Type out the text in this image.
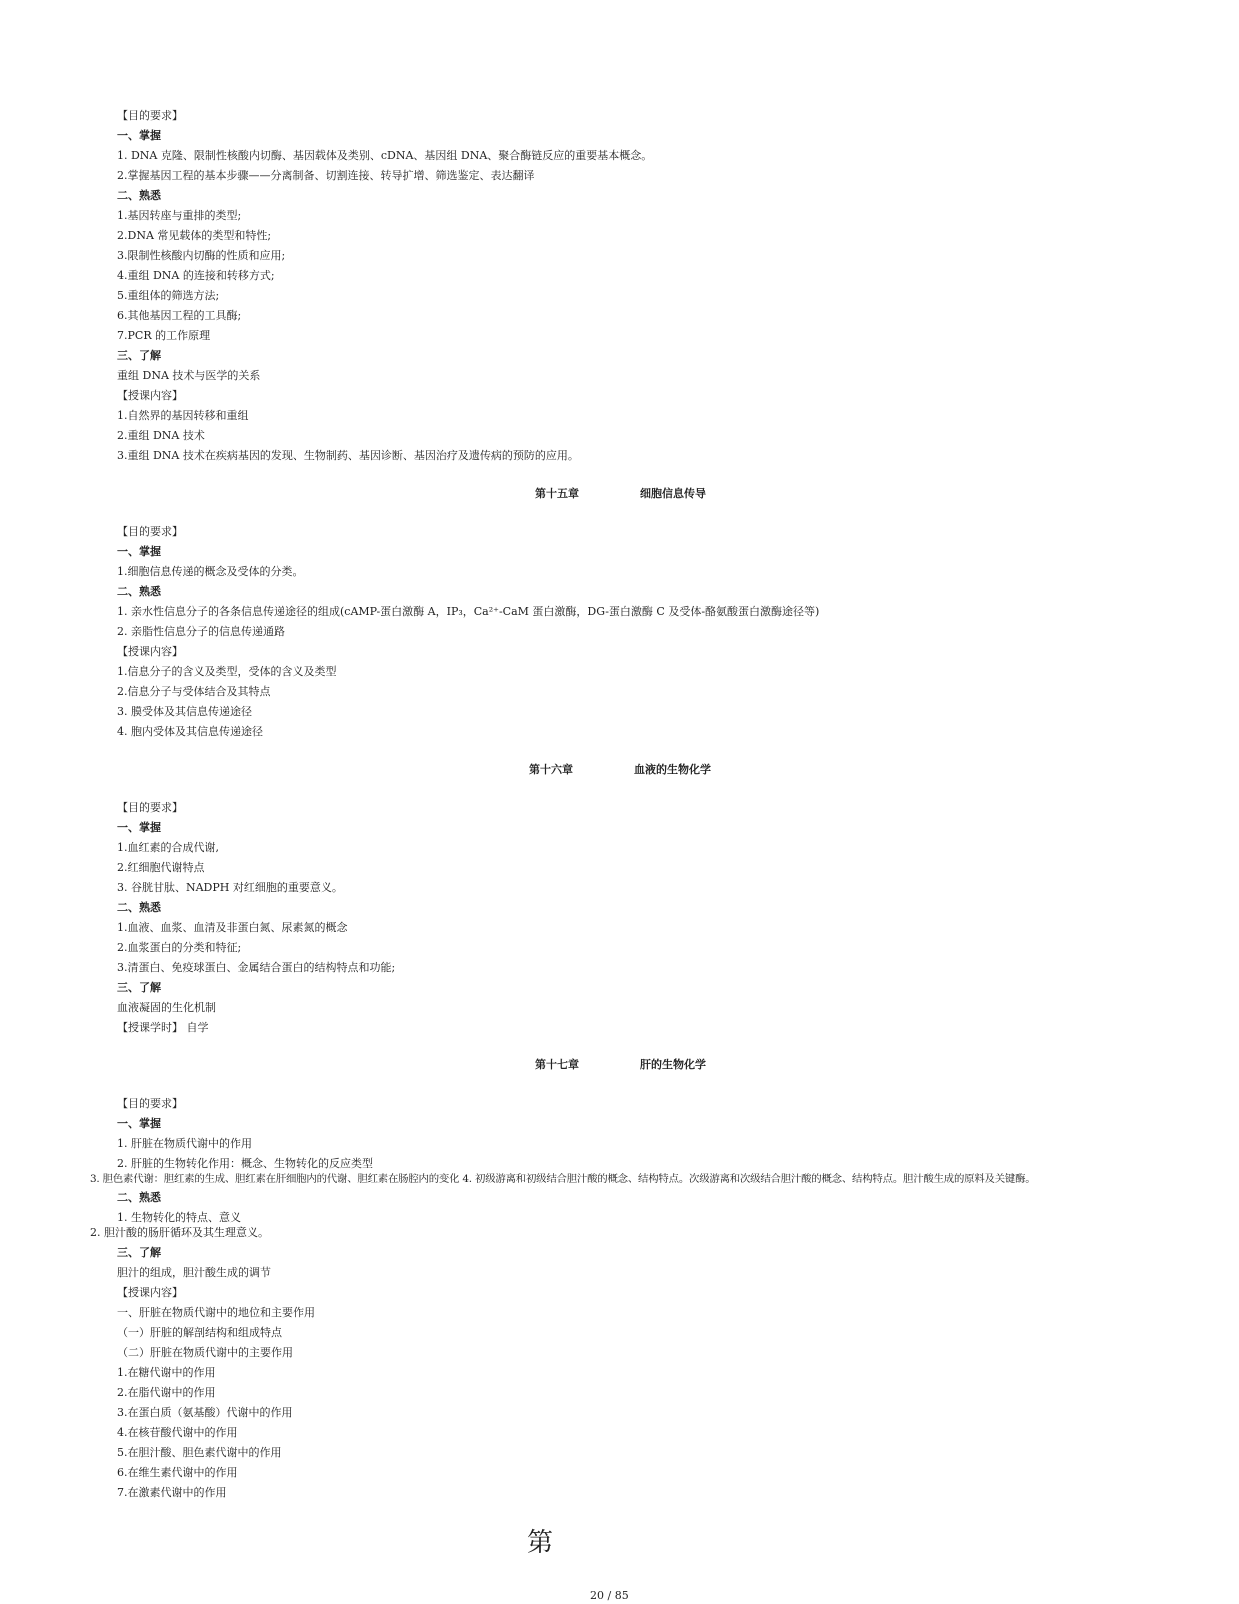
【目的要求】
一、掌握
1. DNA 克隆、限制性核酸内切酶、基因载体及类别、cDNA、基因组 DNA、聚合酶链反应的重要基本概念。
2.掌握基因工程的基本步骤——分离制备、切割连接、转导扩增、筛选鉴定、表达翻译
二、熟悉
1.基因转座与重排的类型;
2.DNA 常见载体的类型和特性;
3.限制性核酸内切酶的性质和应用;
4.重组 DNA 的连接和转移方式;
5.重组体的筛选方法;
6.其他基因工程的工具酶;
7.PCR 的工作原理
三、了解
重组 DNA 技术与医学的关系
【授课内容】
1.自然界的基因转移和重组
2.重组 DNA 技术
3.重组 DNA 技术在疾病基因的发现、生物制药、基因诊断、基因治疗及遗传病的预防的应用。
第十五章	细胞信息传导
【目的要求】
一、掌握
1.细胞信息传递的概念及受体的分类。
二、熟悉
1. 亲水性信息分子的各条信息传递途径的组成(cAMP-蛋白激酶 A，IP₃，Ca²⁺-CaM 蛋白激酶，DG-蛋白激酶 C 及受体-酪氨酸蛋白激酶途径等)
2. 亲脂性信息分子的信息传递通路
【授课内容】
1.信息分子的含义及类型，受体的含义及类型
2.信息分子与受体结合及其特点
3. 膜受体及其信息传递途径
4. 胞内受体及其信息传递途径
第十六章	血液的生物化学
【目的要求】
一、掌握
1.血红素的合成代谢,
2.红细胞代谢特点
3. 谷胱甘肽、NADPH 对红细胞的重要意义。
二、熟悉
1.血液、血浆、血清及非蛋白氮、尿素氮的概念
2.血浆蛋白的分类和特征;
3.清蛋白、免疫球蛋白、金属结合蛋白的结构特点和功能;
三、了解
血液凝固的生化机制
【授课学时】 自学
第十七章	肝的生物化学
【目的要求】
一、掌握
1. 肝脏在物质代谢中的作用
2. 肝脏的生物转化作用：概念、生物转化的反应类型
3. 胆色素代谢：胆红素的生成、胆红素在肝细胞内的代谢、胆红素在肠腔内的变化 4. 初级游离和初级结合胆汁酸的概念、结构特点。次级游离和次级结合胆汁酸的概念、结构特点。胆汁酸生成的原料及关键酶。
二、熟悉
1. 生物转化的特点、意义
2. 胆汁酸的肠肝循环及其生理意义。
三、了解
胆汁的组成，胆汁酸生成的调节
【授课内容】
一、肝脏在物质代谢中的地位和主要作用
（一）肝脏的解剖结构和组成特点
（二）肝脏在物质代谢中的主要作用
1.在糖代谢中的作用
2.在脂代谢中的作用
3.在蛋白质（氨基酸）代谢中的作用
4.在核苷酸代谢中的作用
5.在胆汁酸、胆色素代谢中的作用
6.在维生素代谢中的作用
7.在激素代谢中的作用
第
20 / 85
